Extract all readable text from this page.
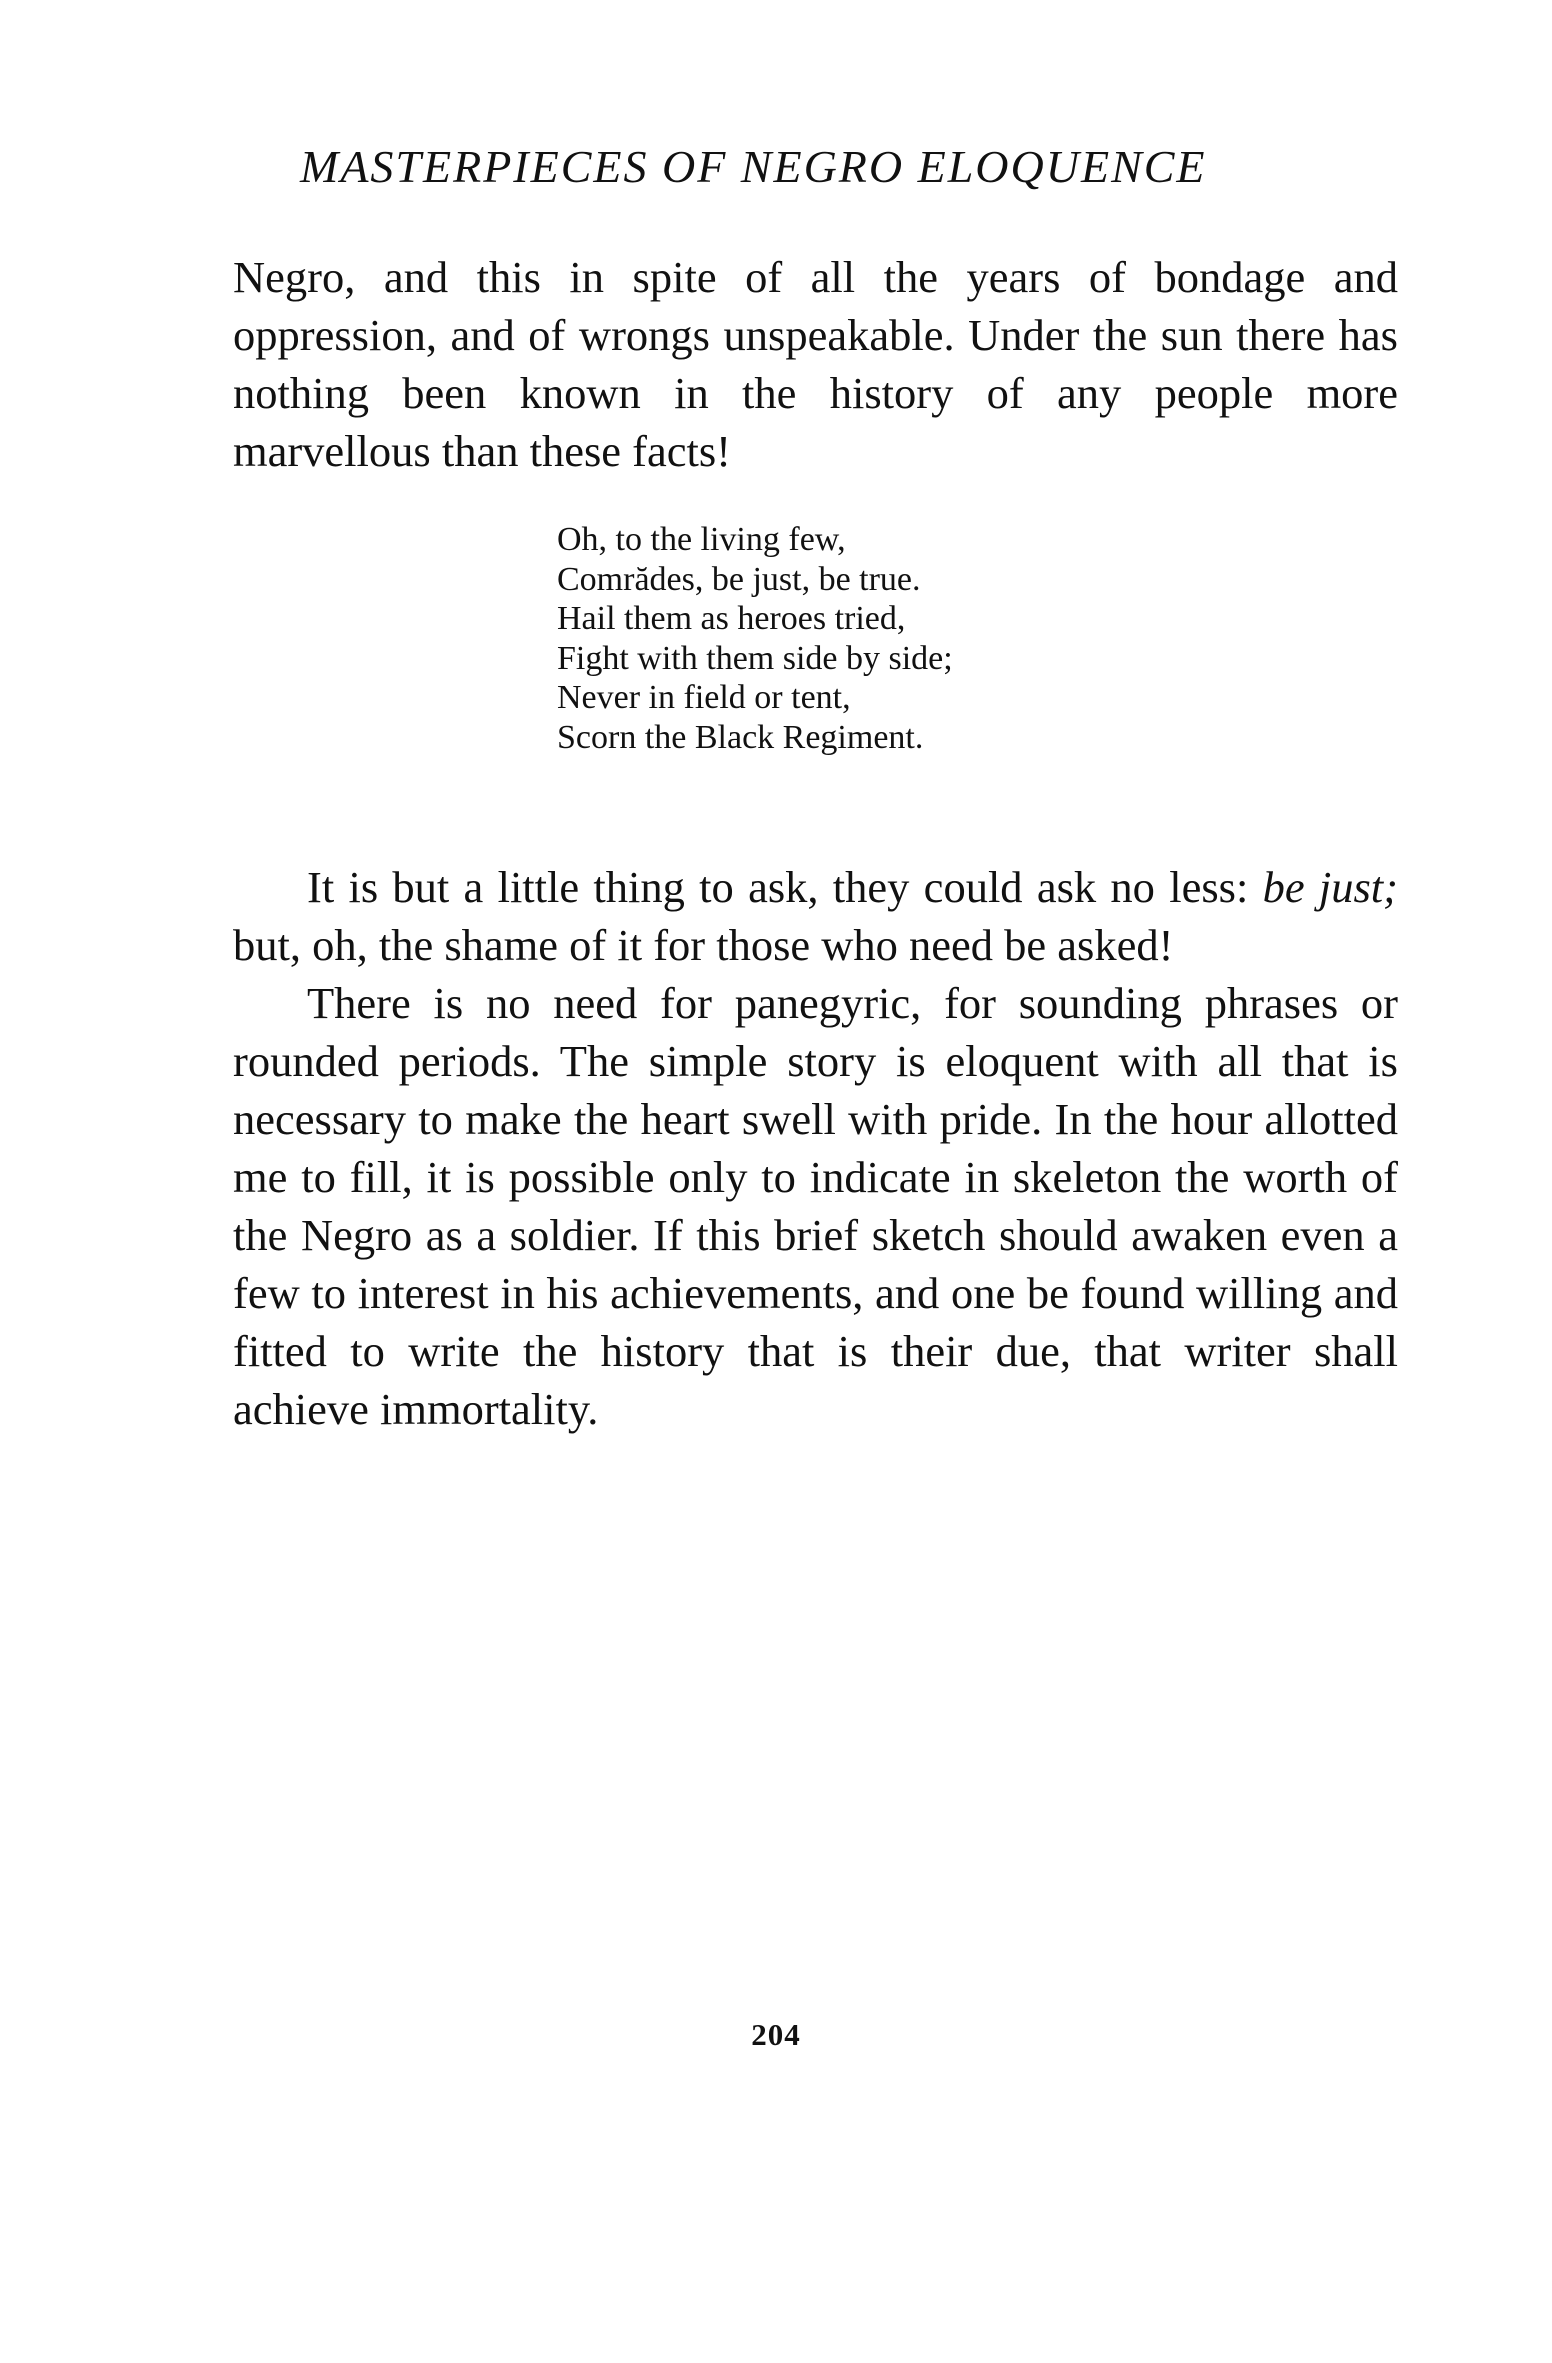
MASTERPIECES OF NEGRO ELOQUENCE

Negro, and this in spite of all the years of bondage and oppression, and of wrongs unspeakable. Under the sun there has nothing been known in the history of any people more marvellous than these facts!

Oh, to the living few,
Comrădes, be just, be true.
Hail them as heroes tried,
Fight with them side by side;
Never in field or tent,
Scorn the Black Regiment.

It is but a little thing to ask, they could ask no less: be just; but, oh, the shame of it for those who need be asked!

There is no need for panegyric, for sounding phrases or rounded periods. The simple story is eloquent with all that is necessary to make the heart swell with pride. In the hour allotted me to fill, it is possible only to indicate in skeleton the worth of the Negro as a soldier. If this brief sketch should awaken even a few to interest in his achievements, and one be found willing and fitted to write the history that is their due, that writer shall achieve immortality.

204
